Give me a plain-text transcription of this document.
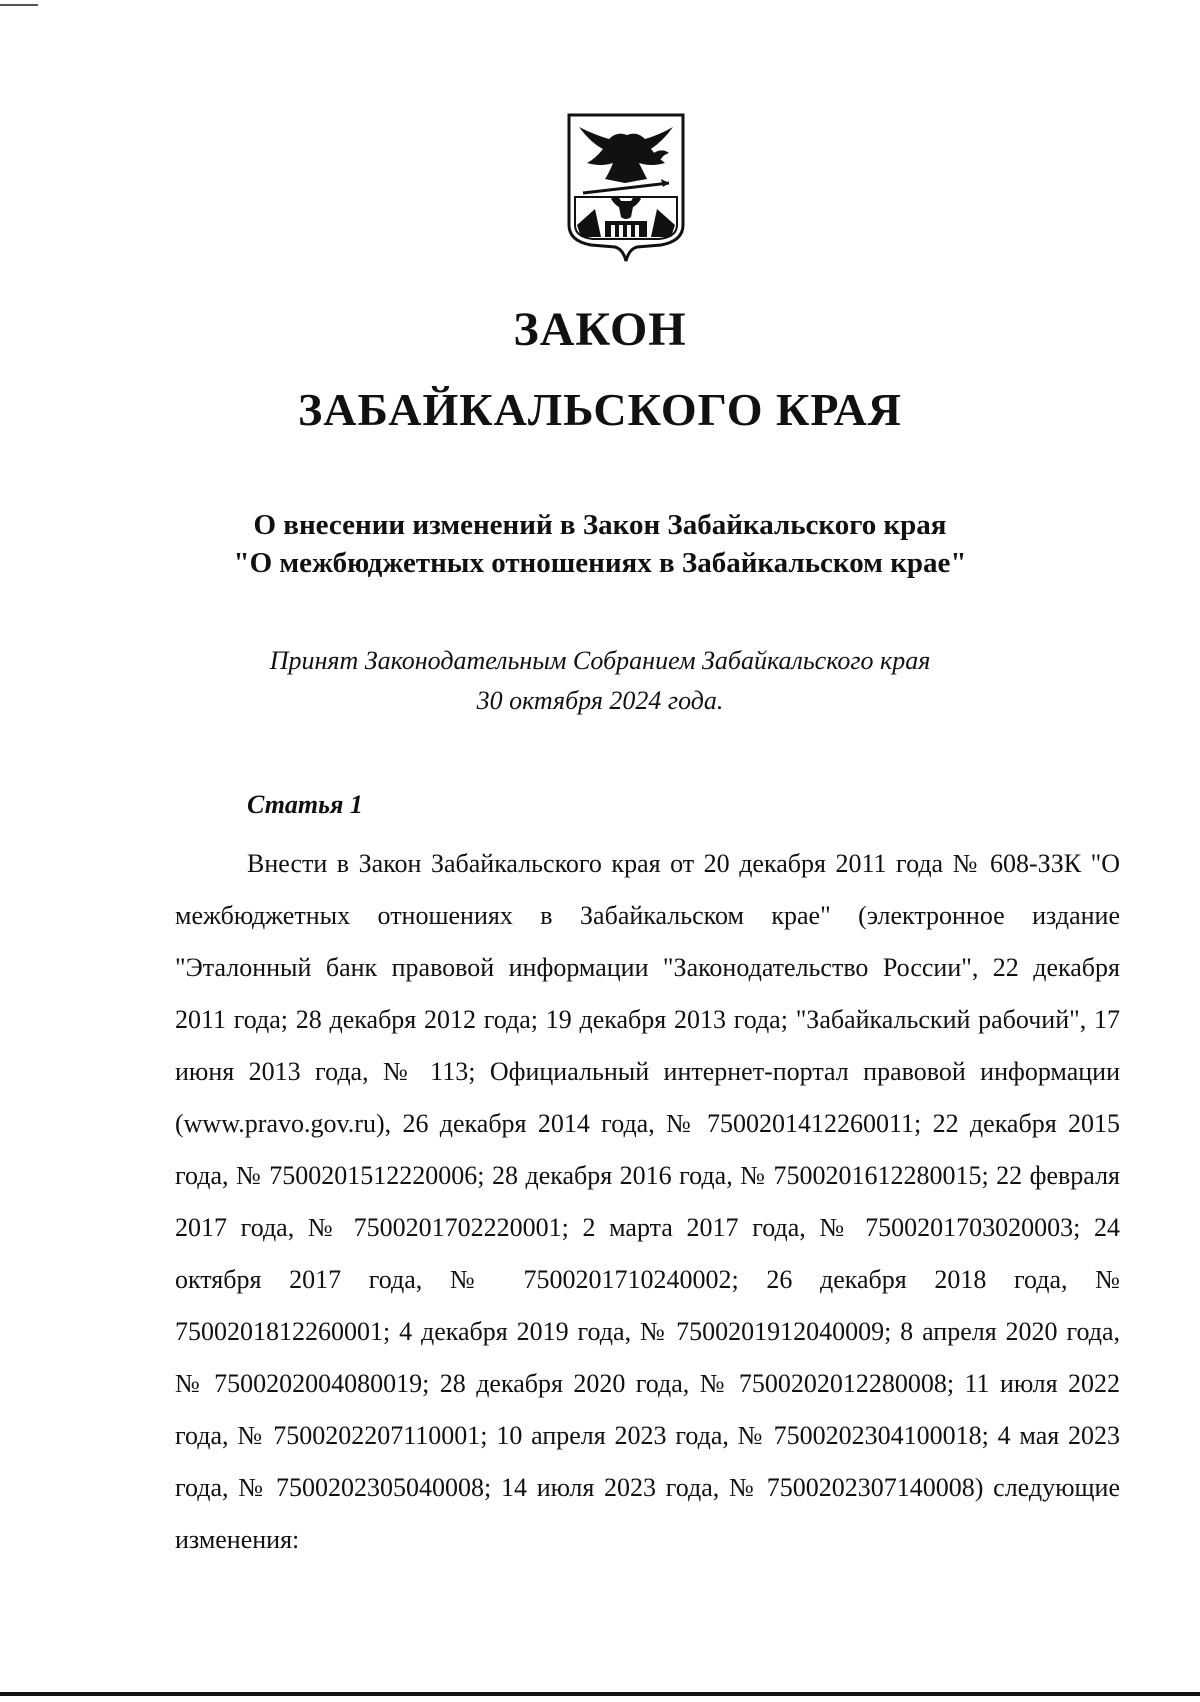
ЗАКОН
ЗАБАЙКАЛЬСКОГО КРАЯ
О внесении изменений в Закон Забайкальского края
"О межбюджетных отношениях в Забайкальском крае"
Принят Законодательным Собранием Забайкальского края
30 октября 2024 года.
Статья 1
Внести в Закон Забайкальского края от 20 декабря 2011 года № 608-ЗЗК "О межбюджетных отношениях в Забайкальском крае" (электронное издание "Эталонный банк правовой информации "Законодательство России", 22 декабря 2011 года; 28 декабря 2012 года; 19 декабря 2013 года; "Забайкальский рабочий", 17 июня 2013 года, № 113; Официальный интернет-портал правовой информации (www.pravo.gov.ru), 26 декабря 2014 года, № 7500201412260011; 22 декабря 2015 года, № 7500201512220006; 28 декабря 2016 года, № 7500201612280015; 22 февраля 2017 года, № 7500201702220001; 2 марта 2017 года, № 7500201703020003; 24 октября 2017 года, № 7500201710240002; 26 декабря 2018 года, № 7500201812260001; 4 декабря 2019 года, № 7500201912040009; 8 апреля 2020 года, № 7500202004080019; 28 декабря 2020 года, № 7500202012280008; 11 июля 2022 года, № 7500202207110001; 10 апреля 2023 года, № 7500202304100018; 4 мая 2023 года, № 7500202305040008; 14 июля 2023 года, № 7500202307140008) следующие изменения:
